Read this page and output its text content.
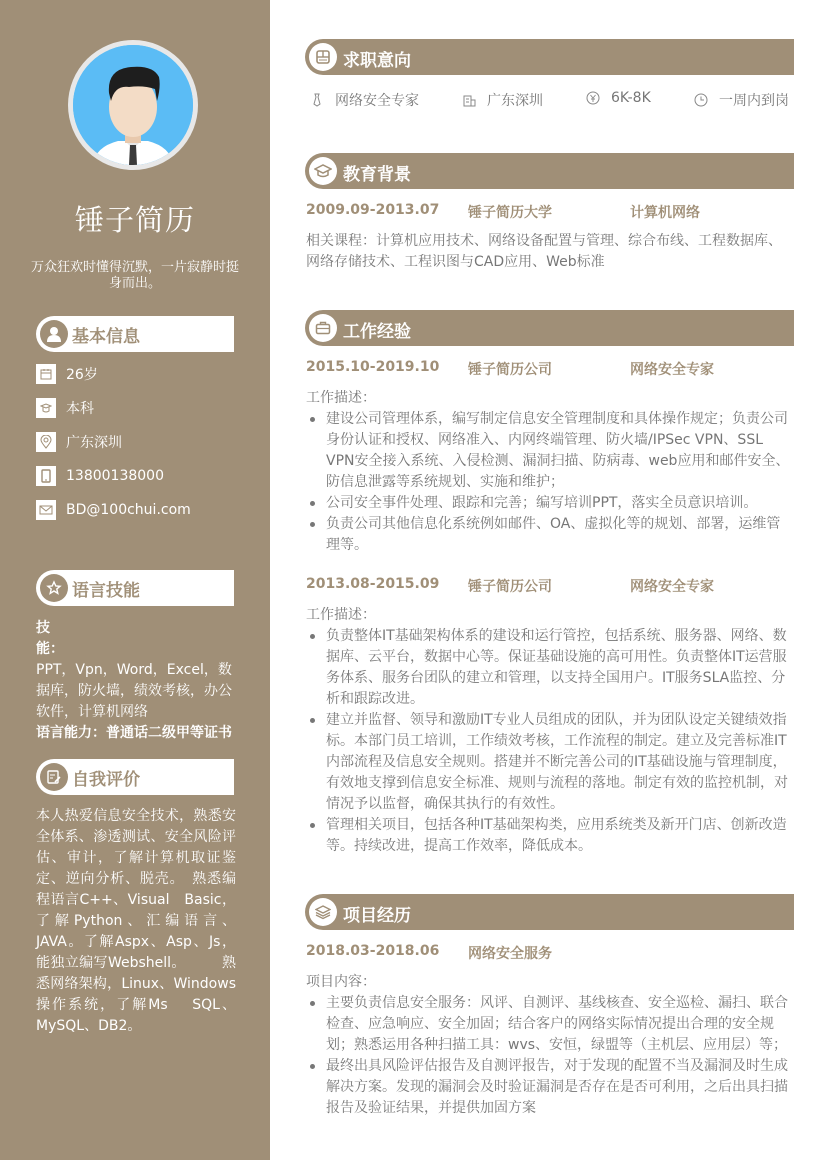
锤子简历
万众狂欢时懂得沉默，一片寂静时挺身而出。
基本信息
26岁
本科
广东深圳
13800138000
BD@100chui.com
语言技能
技能：
PPT，Vpn，Word，Excel，数据库，防火墙，绩效考核，办公软件，计算机网络
语言能力：普通话二级甲等证书
自我评价
本人热爱信息安全技术，熟悉安全体系、渗透测试、安全风险评估、审计，了解计算机取证鉴定、逆向分析、脱壳。　熟悉编程语言C++、Visual　Basic，了解Python、汇编语言、JAVA。了解Aspx、Asp、Js，能独立编写Webshell。　　　熟悉网络架构，Linux、Windows操作系统，了解Ms　 SQL、MySQL、DB2。
求职意向
网络安全专家	广东深圳	6K-8K	一周内到岗
教育背景
2009.09-2013.07 锤子简历大学	计算机网络
相关课程：计算机应用技术、网络设备配置与管理、综合布线、工程数据库、网络存储技术、工程识图与CAD应用、Web标准
工作经验
2015.10-2019.10 锤子简历公司	网络安全专家
工作描述：
建设公司管理体系，编写制定信息安全管理制度和具体操作规定；负责公司身份认证和授权、网络准入、内网终端管理、防火墙/IPSec VPN、SSL VPN安全接入系统、入侵检测、漏洞扫描、防病毒、web应用和邮件安全、防信息泄露等系统规划、实施和维护；
公司安全事件处理、跟踪和完善；编写培训PPT，落实全员意识培训。
负责公司其他信息化系统例如邮件、OA、虚拟化等的规划、部署，运维管理等。
2013.08-2015.09 锤子简历公司	网络安全专家
工作描述：
负责整体IT基础架构体系的建设和运行管控，包括系统、服务器、网络、数据库、云平台，数据中心等。保证基础设施的高可用性。负责整体IT运营服务体系、服务台团队的建立和管理，以支持全国用户。IT服务SLA监控、分析和跟踪改进。
建立并监督、领导和激励IT专业人员组成的团队，并为团队设定关键绩效指标。本部门员工培训，工作绩效考核，工作流程的制定。建立及完善标准IT内部流程及信息安全规则。搭建并不断完善公司的IT基础设施与管理制度，有效地支撑到信息安全标准、规则与流程的落地。制定有效的监控机制，对情况予以监督，确保其执行的有效性。
管理相关项目，包括各种IT基础架构类，应用系统类及新开门店、创新改造等。持续改进，提高工作效率，降低成本。
项目经历
2018.03-2018.06 网络安全服务
项目内容：
主要负责信息安全服务：风评、自测评、基线核查、安全巡检、漏扫、联合检查、应急响应、安全加固；结合客户的网络实际情况提出合理的安全规划；熟悉运用各种扫描工具：wvs、安恒，绿盟等（主机层、应用层）等；
最终出具风险评估报告及自测评报告，对于发现的配置不当及漏洞及时生成解决方案。发现的漏洞会及时验证漏洞是否存在是否可利用，之后出具扫描报告及验证结果，并提供加固方案
